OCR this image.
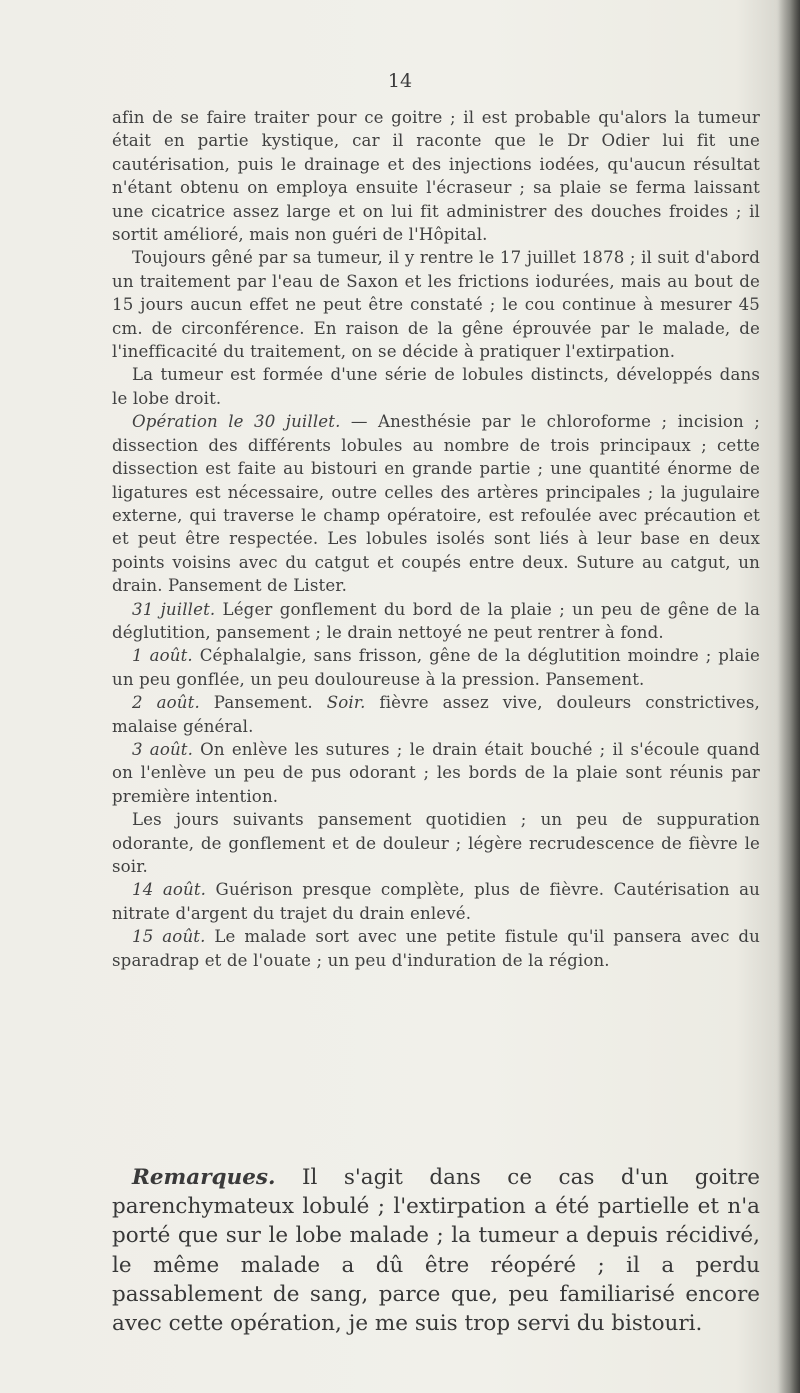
14

afin de se faire traiter pour ce goitre ; il est probable qu'alors la tumeur était en partie kystique, car il raconte que le Dr Odier lui fit une cautérisation, puis le drainage et des injections iodées, qu'aucun résultat n'étant obtenu on employa ensuite l'écraseur ; sa plaie se ferma laissant une cicatrice assez large et on lui fit administrer des douches froides ; il sortit amélioré, mais non guéri de l'Hôpital.

Toujours gêné par sa tumeur, il y rentre le 17 juillet 1878 ; il suit d'abord un traitement par l'eau de Saxon et les frictions iodurées, mais au bout de 15 jours aucun effet ne peut être constaté ; le cou continue à mesurer 45 cm. de circonférence. En raison de la gêne éprouvée par le malade, de l'inefficacité du traitement, on se décide à pratiquer l'extirpation.

La tumeur est formée d'une série de lobules distincts, développés dans le lobe droit.

Opération le 30 juillet. — Anesthésie par le chloroforme ; incision ; dissection des différents lobules au nombre de trois principaux ; cette dissection est faite au bistouri en grande partie ; une quantité énorme de ligatures est nécessaire, outre celles des artères principales ; la jugulaire externe, qui traverse le champ opératoire, est refoulée avec précaution et et peut être respectée. Les lobules isolés sont liés à leur base en deux points voisins avec du catgut et coupés entre deux. Suture au catgut, un drain. Pansement de Lister.

31 juillet. Léger gonflement du bord de la plaie ; un peu de gêne de la déglutition, pansement ; le drain nettoyé ne peut rentrer à fond.

1 août. Céphalalgie, sans frisson, gêne de la déglutition moindre ; plaie un peu gonflée, un peu douloureuse à la pression. Pansement.

2 août. Pansement. Soir. fièvre assez vive, douleurs constrictives, malaise général.

3 août. On enlève les sutures ; le drain était bouché ; il s'écoule quand on l'enlève un peu de pus odorant ; les bords de la plaie sont réunis par première intention.

Les jours suivants pansement quotidien ; un peu de suppuration odorante, de gonflement et de douleur ; légère recrudescence de fièvre le soir.

14 août. Guérison presque complète, plus de fièvre. Cautérisation au nitrate d'argent du trajet du drain enlevé.

15 août. Le malade sort avec une petite fistule qu'il pansera avec du sparadrap et de l'ouate ; un peu d'induration de la région.

Remarques. Il s'agit dans ce cas d'un goitre parenchymateux lobulé ; l'extirpation a été partielle et n'a porté que sur le lobe malade ; la tumeur a depuis récidivé, le même malade a dû être réopéré ; il a perdu passablement de sang, parce que, peu familiarisé encore avec cette opération, je me suis trop servi du bistouri.
